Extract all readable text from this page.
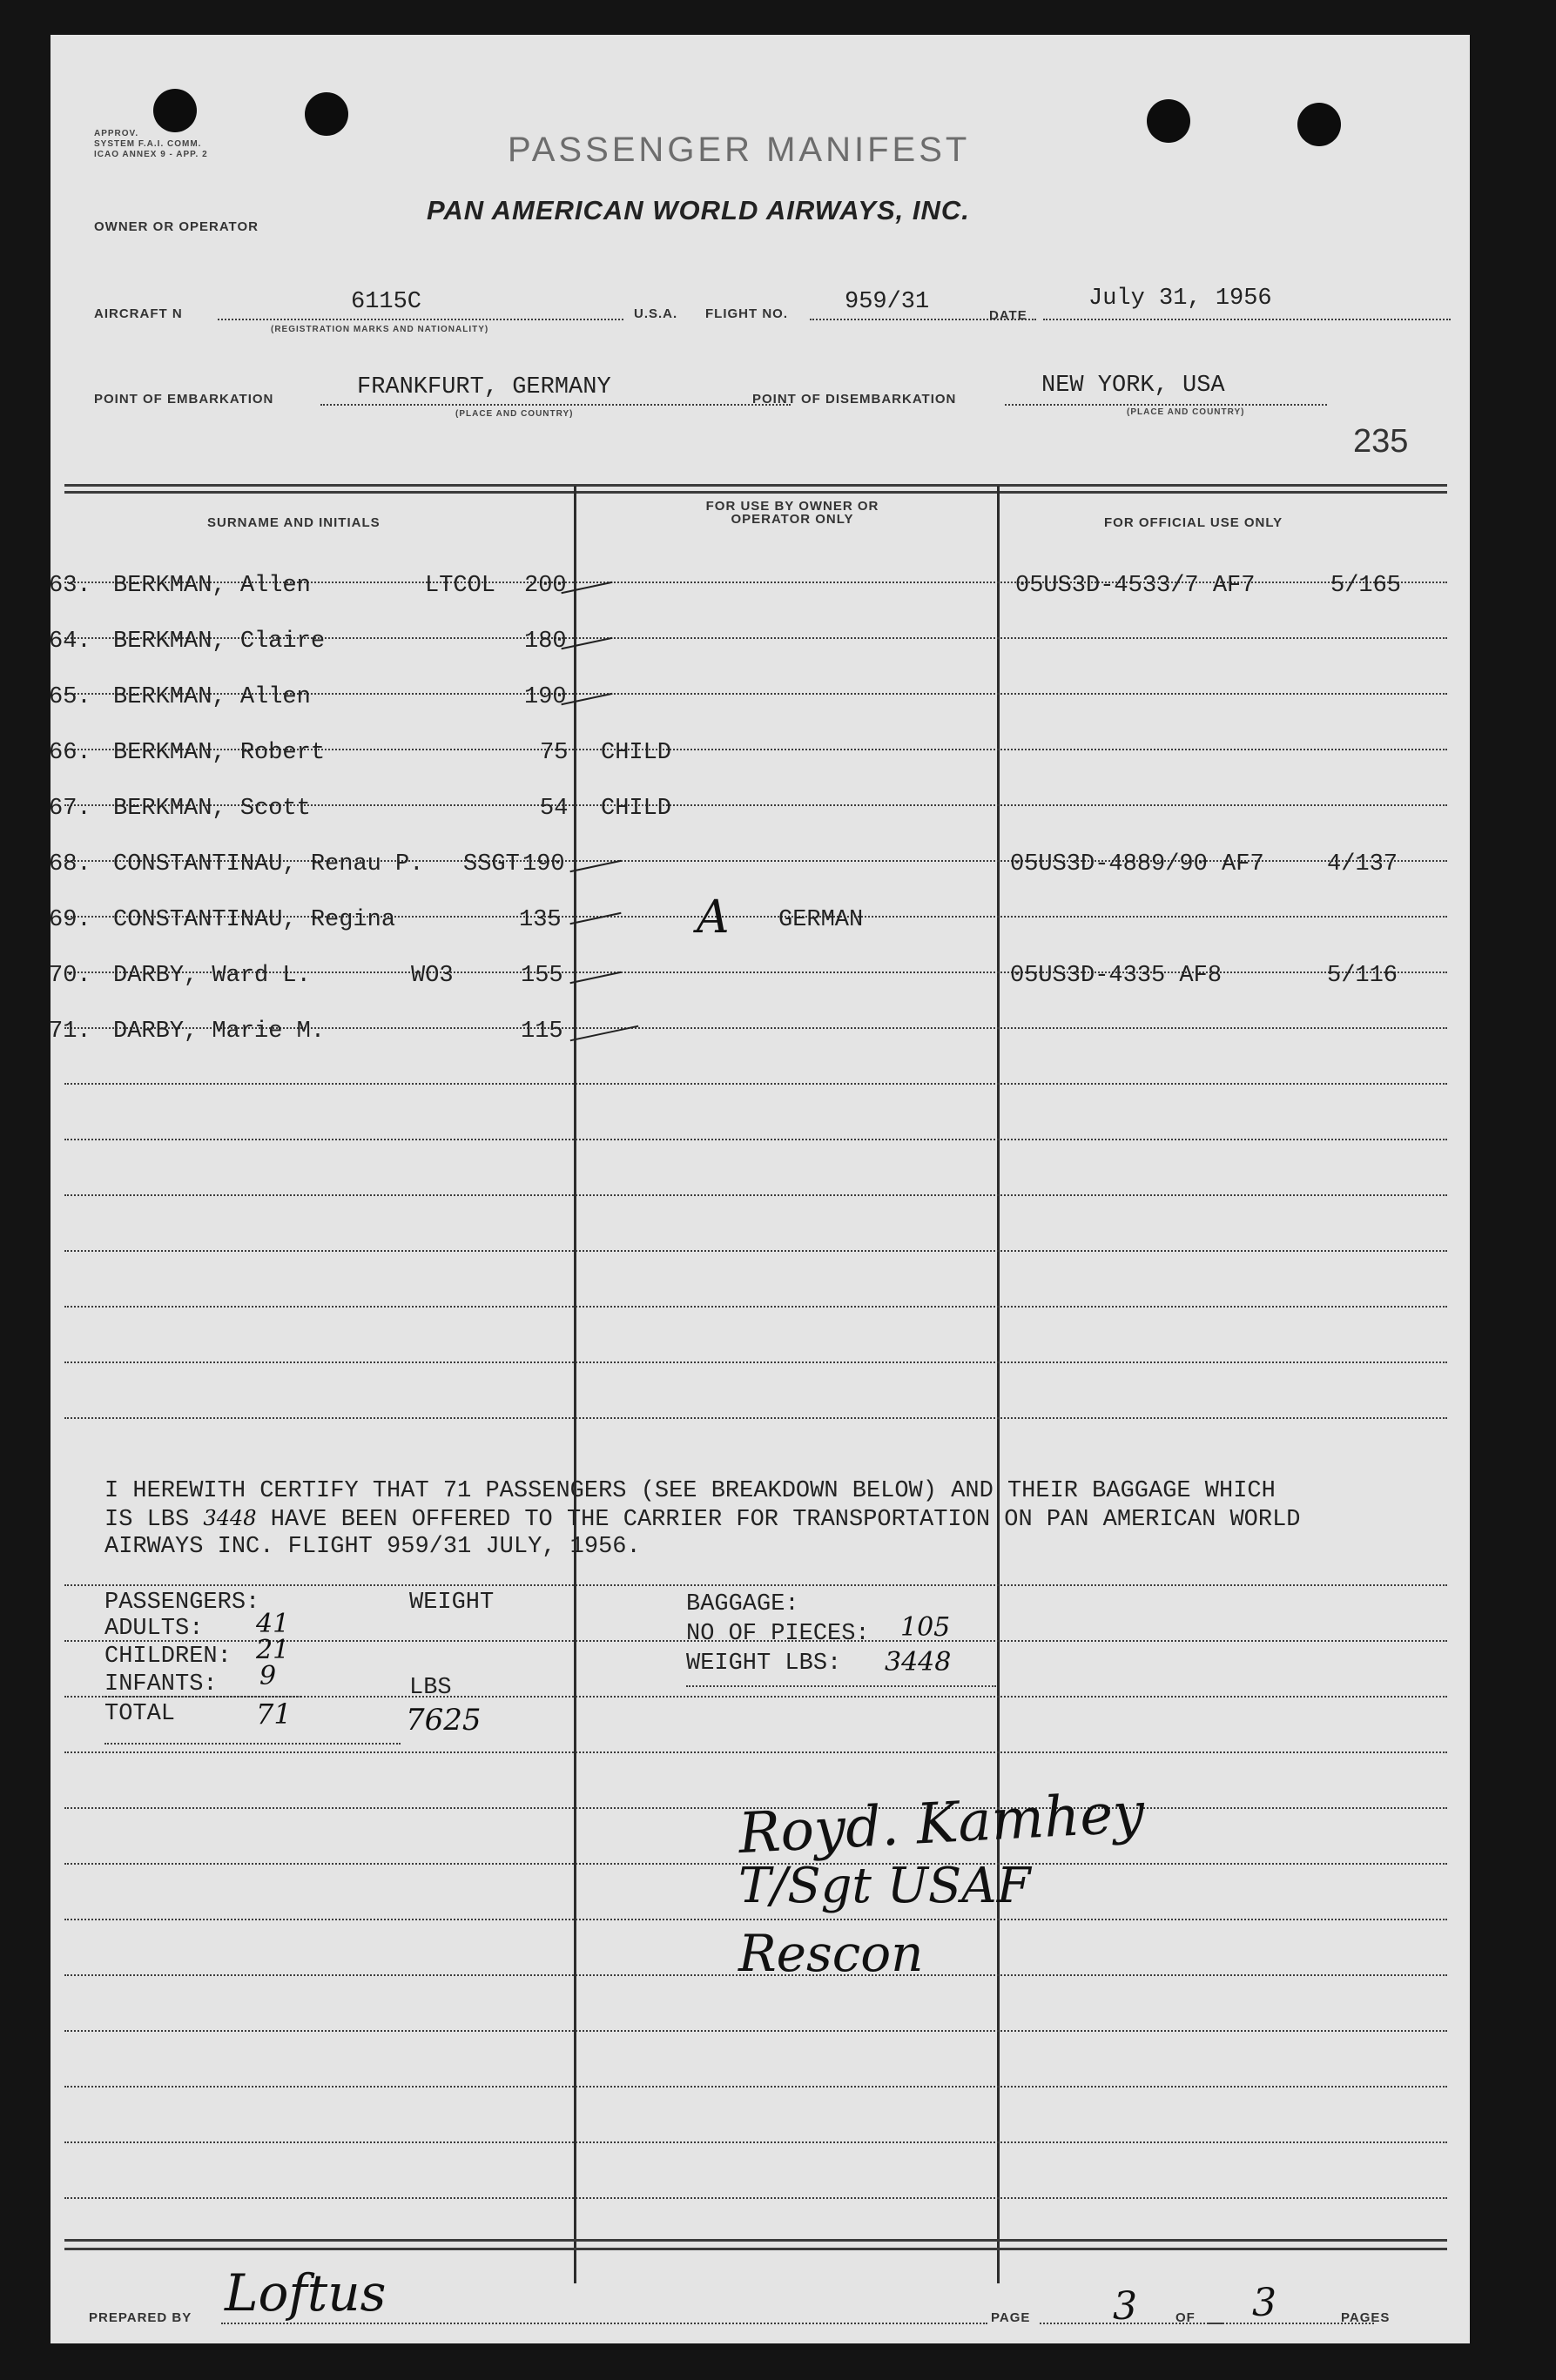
APPROV.
SYSTEM F.A.I. COMM.
ICAO ANNEX 9 - APP. 2	PASSENGER MANIFEST
OWNER OR OPERATOR
PAN AMERICAN WORLD AIRWAYS, INC.
AIRCRAFT N	6115C
(REGISTRATION MARKS AND NATIONALITY)
U.S.A. FLIGHT NO. 959/31
DATE
July 31, 1956
POINT OF EMBARKATION	FRANKFURT, GERMANY
(PLACE AND COUNTRY)
POINT OF DISEMBARKATION
NEW YORK, USA
(PLACE AND COUNTRY)
235
SURNAME AND INITIALS
FOR USE BY OWNER OR OPERATOR ONLY	FOR OFFICIAL USE ONLY
63. BERKMAN, Allen	LTCOL 200	05US3D-4533/7 AF7	5/165
64. BERKMAN, Claire	180
65. BERKMAN, Allen	190
66. BERKMAN, Robert	75 CHILD
67. BERKMAN, Scott	54 CHILD
68. CONSTANTINAU, Renau P. SSGT 190	05US3D-4889/90 AF7	4/137
69. CONSTANTINAU, Regina	135	A GERMAN
70. DARBY, Ward L.	WO3	155	05US3D-4335 AF8	5/116
71. DARBY, Marie M.	115
I HEREWITH CERTIFY THAT 71 PASSENGERS (SEE BREAKDOWN BELOW) AND THEIR BAGGAGE WHICH
IS LBS 3448 HAVE BEEN OFFERED TO THE CARRIER FOR TRANSPORTATION ON PAN AMERICAN WORLD
AIRWAYS INC. FLIGHT 959/31 JULY, 1956.
PASSENGERS:	WEIGHT
ADULTS: 41
CHILDREN: 21
INFANTS: 9	LBS
TOTAL	71	7625
BAGGAGE:
NO OF PIECES: 105
WEIGHT LBS: 3448
Royd. Kamhey
T/Sgt USAF
Rescon
PREPARED BY Loftus	PAGE 3	OF 3	PAGES
